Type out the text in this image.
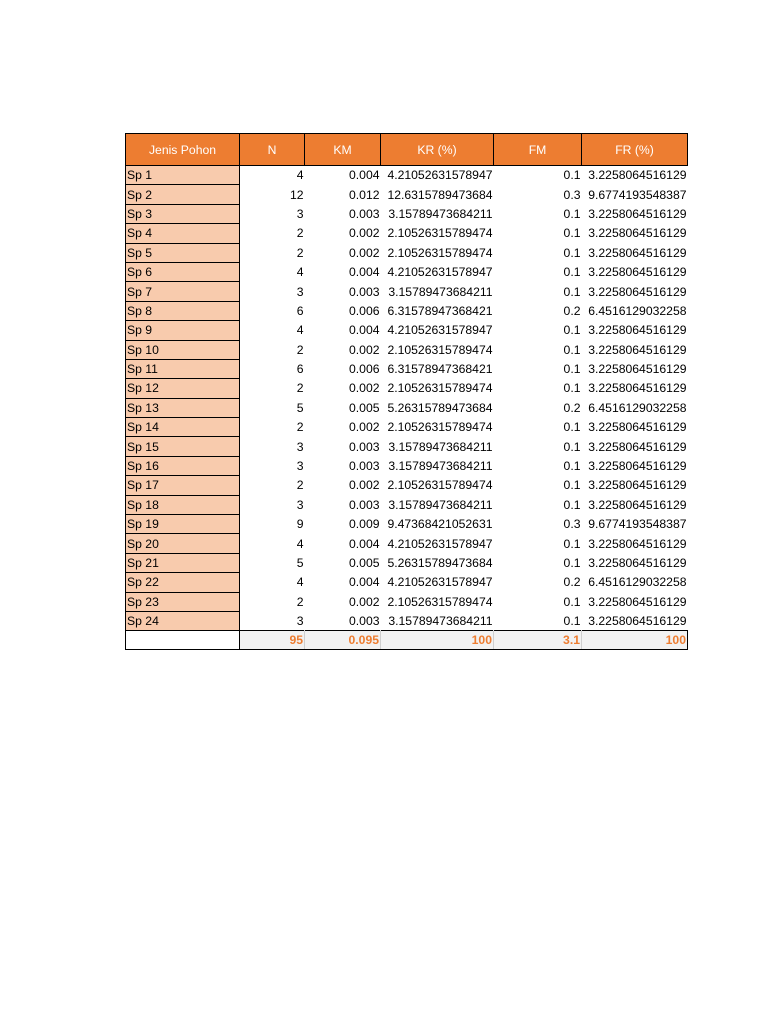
Jenis Pohon	N	KM	KR (%)	FM	FR (%)
Sp 1	4	0.004	4.21052631578947	0.1	3.2258064516129
Sp 2	12	0.012	12.6315789473684	0.3	9.6774193548387
Sp 3	3	0.003	3.15789473684211	0.1	3.2258064516129
Sp 4	2	0.002	2.10526315789474	0.1	3.2258064516129
Sp 5	2	0.002	2.10526315789474	0.1	3.2258064516129
Sp 6	4	0.004	4.21052631578947	0.1	3.2258064516129
Sp 7	3	0.003	3.15789473684211	0.1	3.2258064516129
Sp 8	6	0.006	6.31578947368421	0.2	6.4516129032258
Sp 9	4	0.004	4.21052631578947	0.1	3.2258064516129
Sp 10	2	0.002	2.10526315789474	0.1	3.2258064516129
Sp 11	6	0.006	6.31578947368421	0.1	3.2258064516129
Sp 12	2	0.002	2.10526315789474	0.1	3.2258064516129
Sp 13	5	0.005	5.26315789473684	0.2	6.4516129032258
Sp 14	2	0.002	2.10526315789474	0.1	3.2258064516129
Sp 15	3	0.003	3.15789473684211	0.1	3.2258064516129
Sp 16	3	0.003	3.15789473684211	0.1	3.2258064516129
Sp 17	2	0.002	2.10526315789474	0.1	3.2258064516129
Sp 18	3	0.003	3.15789473684211	0.1	3.2258064516129
Sp 19	9	0.009	9.47368421052631	0.3	9.6774193548387
Sp 20	4	0.004	4.21052631578947	0.1	3.2258064516129
Sp 21	5	0.005	5.26315789473684	0.1	3.2258064516129
Sp 22	4	0.004	4.21052631578947	0.2	6.4516129032258
Sp 23	2	0.002	2.10526315789474	0.1	3.2258064516129
Sp 24	3	0.003	3.15789473684211	0.1	3.2258064516129
	95	0.095	100	3.1	100
